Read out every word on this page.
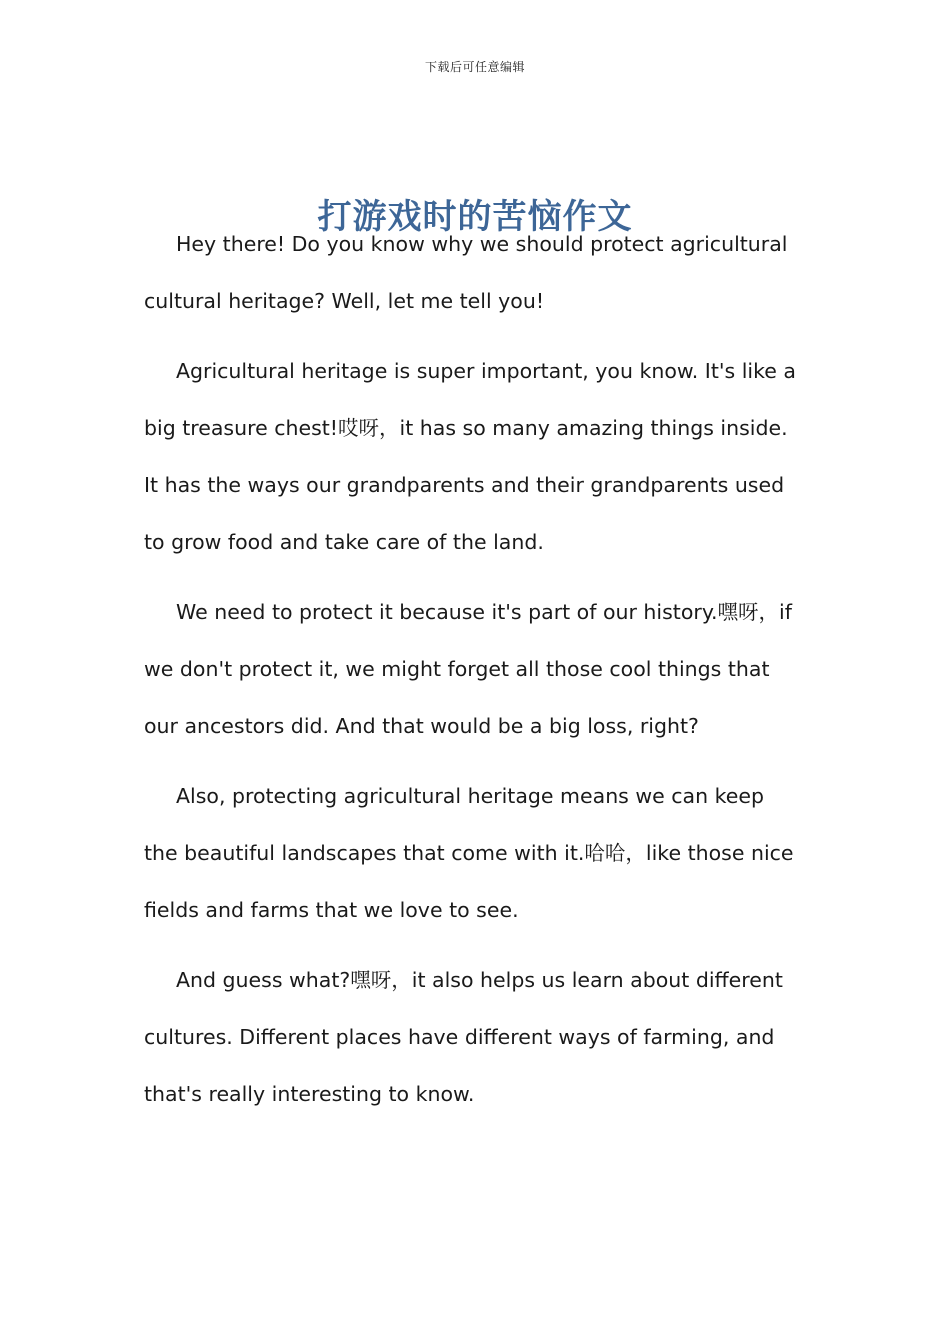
下载后可任意编辑
打游戏时的苦恼作文

Hey there! Do you know why we should protect agricultural cultural heritage? Well, let me tell you!

Agricultural heritage is super important, you know. It's like a big treasure chest!哎呀，it has so many amazing things inside. It has the ways our grandparents and their grandparents used to grow food and take care of the land.

We need to protect it because it's part of our history.嘿呀，if we don't protect it, we might forget all those cool things that our ancestors did. And that would be a big loss, right?

Also, protecting agricultural heritage means we can keep the beautiful landscapes that come with it.哈哈，like those nice fields and farms that we love to see.

And guess what?嘿呀，it also helps us learn about different cultures. Different places have different ways of farming, and that's really interesting to know.
